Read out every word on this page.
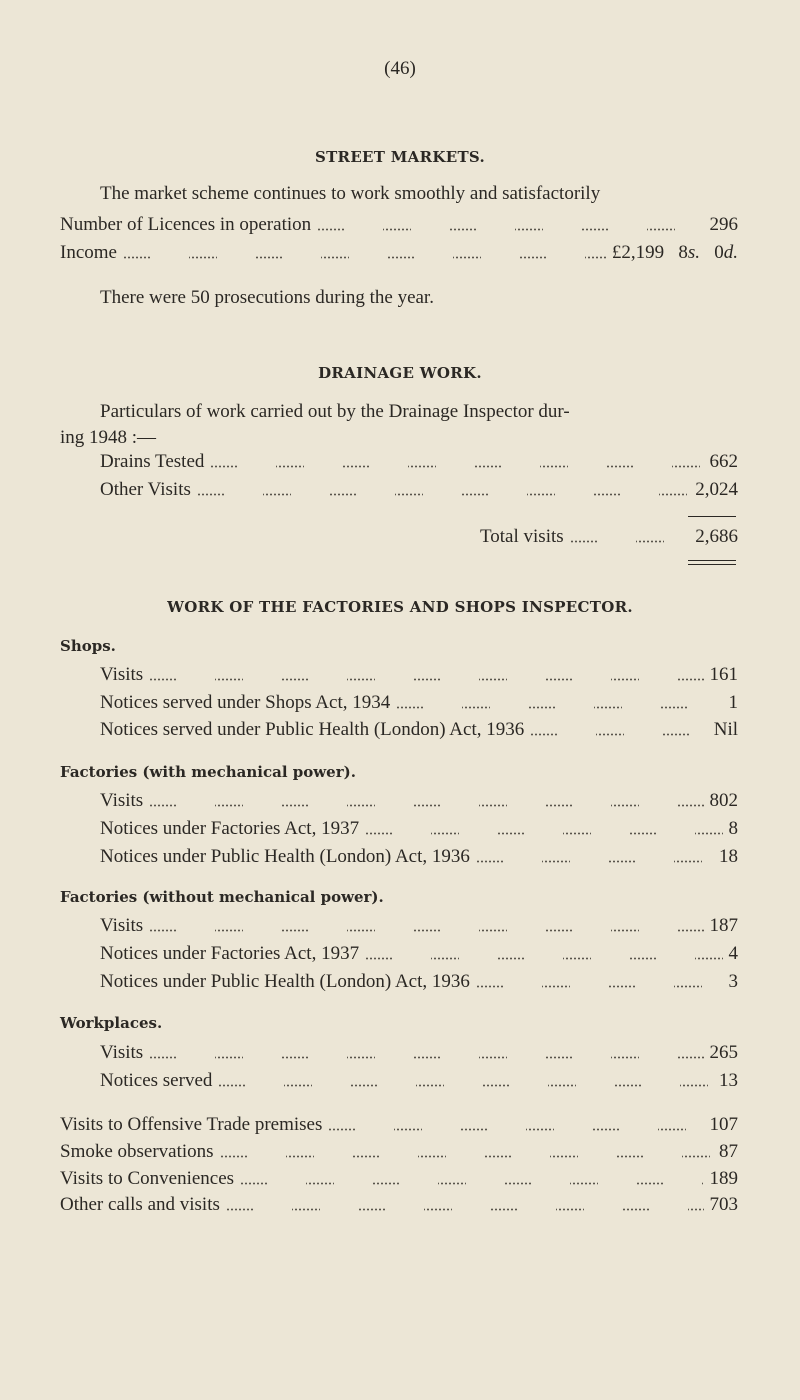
(46)
STREET MARKETS.
The market scheme continues to work smoothly and satisfactorily
Number of Licences in operation	296
Income	£2,199 8s. 0d.
There were 50 prosecutions during the year.
DRAINAGE WORK.
Particulars of work carried out by the Drainage Inspector dur-
ing 1948 :—
Drains Tested	662
Other Visits	2,024
Total visits	2,686
WORK OF THE FACTORIES AND SHOPS INSPECTOR.
Shops.
Visits	161
Notices served under Shops Act, 1934	1
Notices served under Public Health (London) Act, 1936	Nil
Factories (with mechanical power).
Visits	802
Notices under Factories Act, 1937	8
Notices under Public Health (London) Act, 1936	18
Factories (without mechanical power).
Visits	187
Notices under Factories Act, 1937	4
Notices under Public Health (London) Act, 1936	3
Workplaces.
Visits	265
Notices served	13
Visits to Offensive Trade premises	107
Smoke observations	87
Visits to Conveniences	189
Other calls and visits	703
